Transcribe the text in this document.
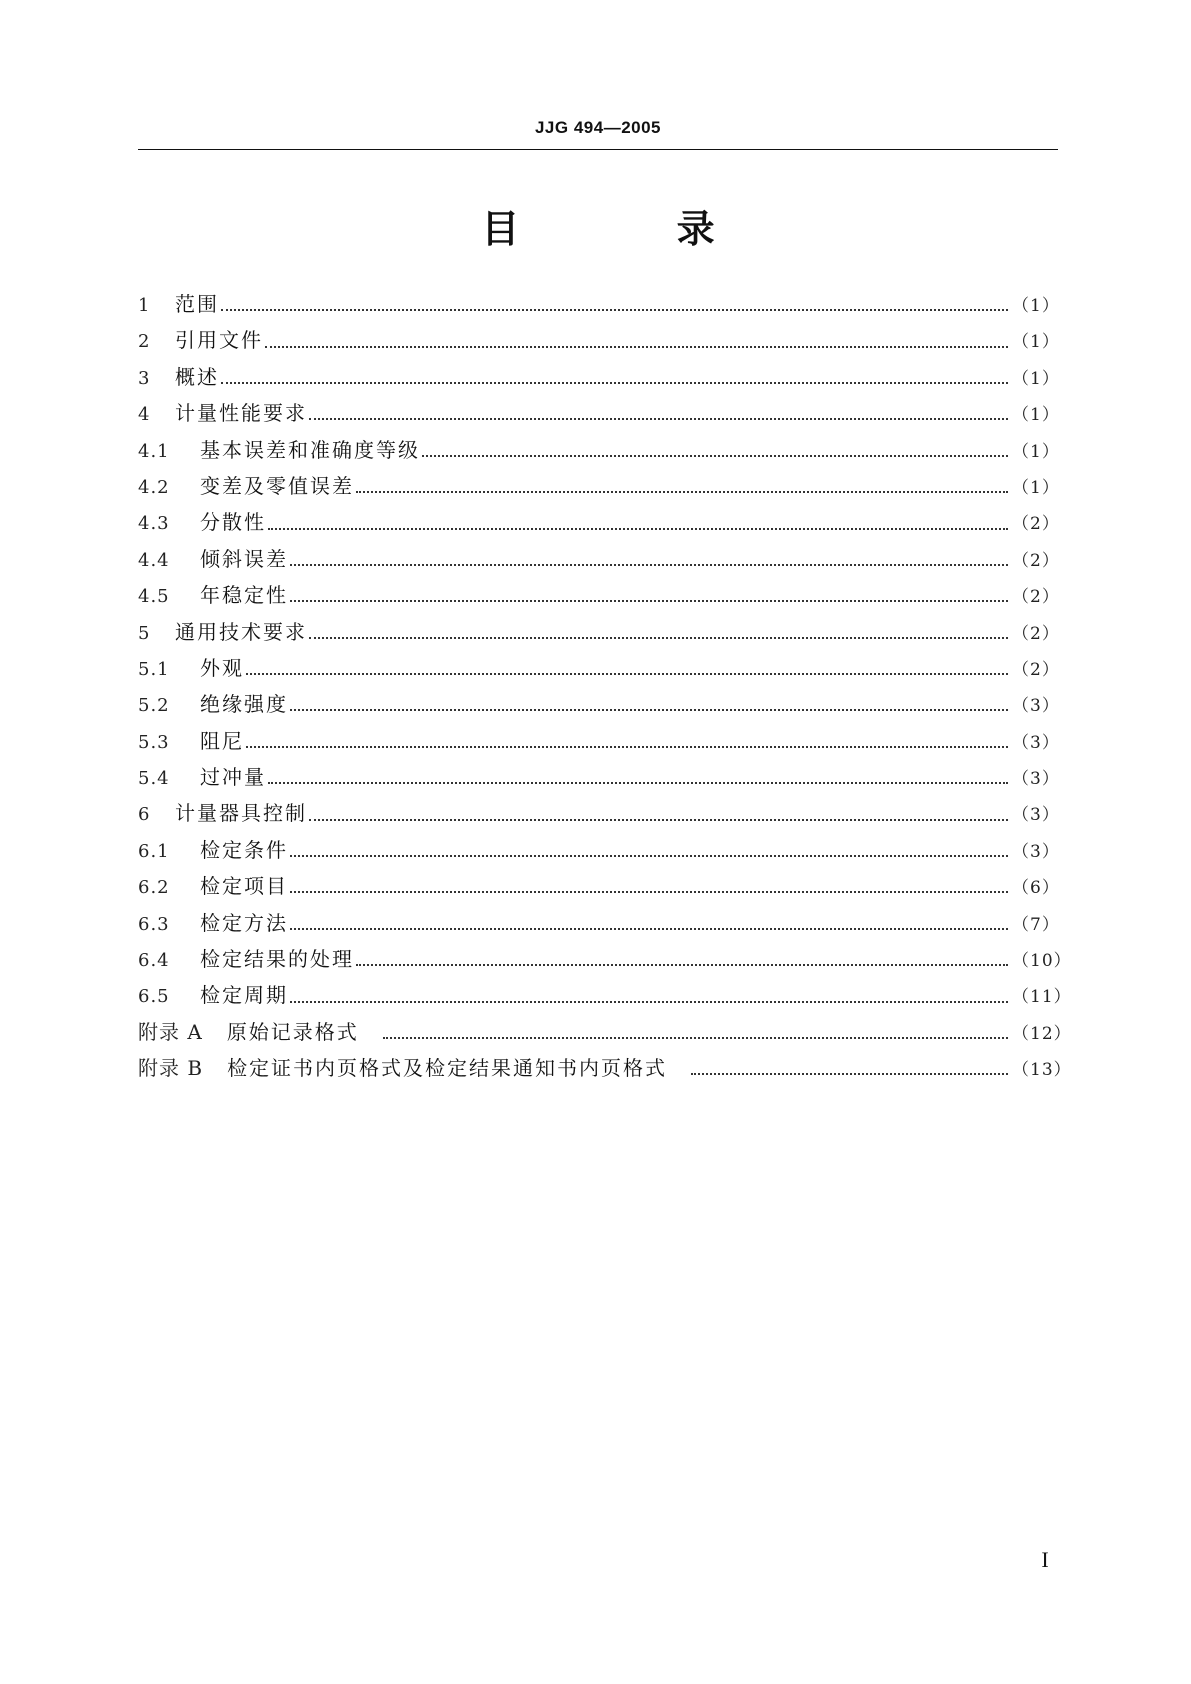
JJG 494—2005
目 录
1	范围	（1）
2	引用文件	（1）
3	概述	（1）
4	计量性能要求	（1）
4.1	基本误差和准确度等级	（1）
4.2	变差及零值误差	（1）
4.3	分散性	（2）
4.4	倾斜误差	（2）
4.5	年稳定性	（2）
5	通用技术要求	（2）
5.1	外观	（2）
5.2	绝缘强度	（3）
5.3	阻尼	（3）
5.4	过冲量	（3）
6	计量器具控制	（3）
6.1	检定条件	（3）
6.2	检定项目	（6）
6.3	检定方法	（7）
6.4	检定结果的处理	（10）
6.5	检定周期	（11）
附录 A	原始记录格式	（12）
附录 B	检定证书内页格式及检定结果通知书内页格式	（13）
I
